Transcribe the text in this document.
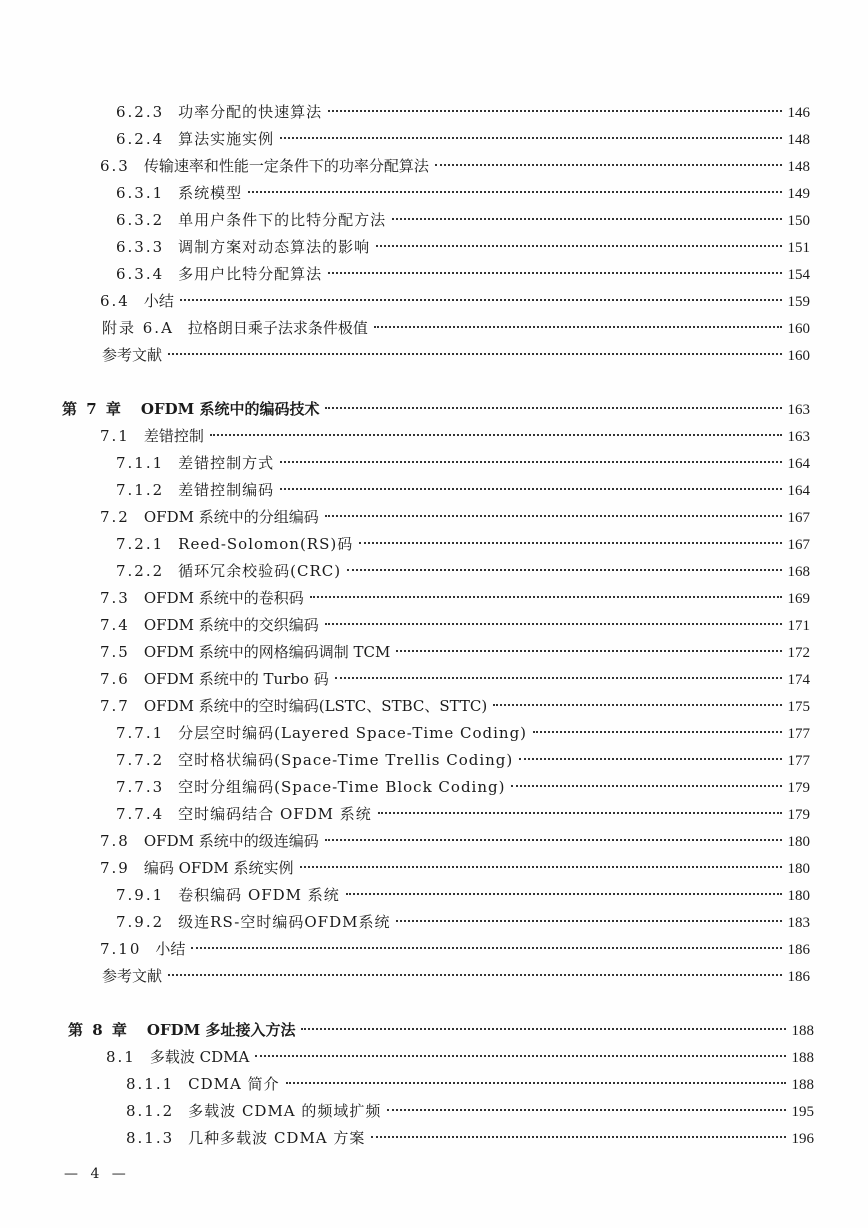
6.2.3 功率分配的快速算法	146
6.2.4 算法实施实例	148
6.3 传输速率和性能一定条件下的功率分配算法	148
6.3.1 系统模型	149
6.3.2 单用户条件下的比特分配方法	150
6.3.3 调制方案对动态算法的影响	151
6.3.4 多用户比特分配算法	154
6.4 小结	159
附录 6.A 拉格朗日乘子法求条件极值	160
参考文献	160
第 7 章 OFDM 系统中的编码技术	163
7.1 差错控制	163
7.1.1 差错控制方式	164
7.1.2 差错控制编码	164
7.2 OFDM 系统中的分组编码	167
7.2.1 Reed-Solomon(RS)码	167
7.2.2 循环冗余校验码(CRC)	168
7.3 OFDM 系统中的卷积码	169
7.4 OFDM 系统中的交织编码	171
7.5 OFDM 系统中的网格编码调制 TCM	172
7.6 OFDM 系统中的 Turbo 码	174
7.7 OFDM 系统中的空时编码(LSTC、STBC、STTC)	175
7.7.1 分层空时编码(Layered Space-Time Coding)	177
7.7.2 空时格状编码(Space-Time Trellis Coding)	177
7.7.3 空时分组编码(Space-Time Block Coding)	179
7.7.4 空时编码结合 OFDM 系统	179
7.8 OFDM 系统中的级连编码	180
7.9 编码 OFDM 系统实例	180
7.9.1 卷积编码 OFDM 系统	180
7.9.2 级连RS-空时编码OFDM系统	183
7.10 小结	186
参考文献	186
第 8 章 OFDM 多址接入方法	188
8.1 多载波 CDMA	188
8.1.1 CDMA 简介	188
8.1.2 多载波 CDMA 的频域扩频	195
8.1.3 几种多载波 CDMA 方案	196
— 4 —
